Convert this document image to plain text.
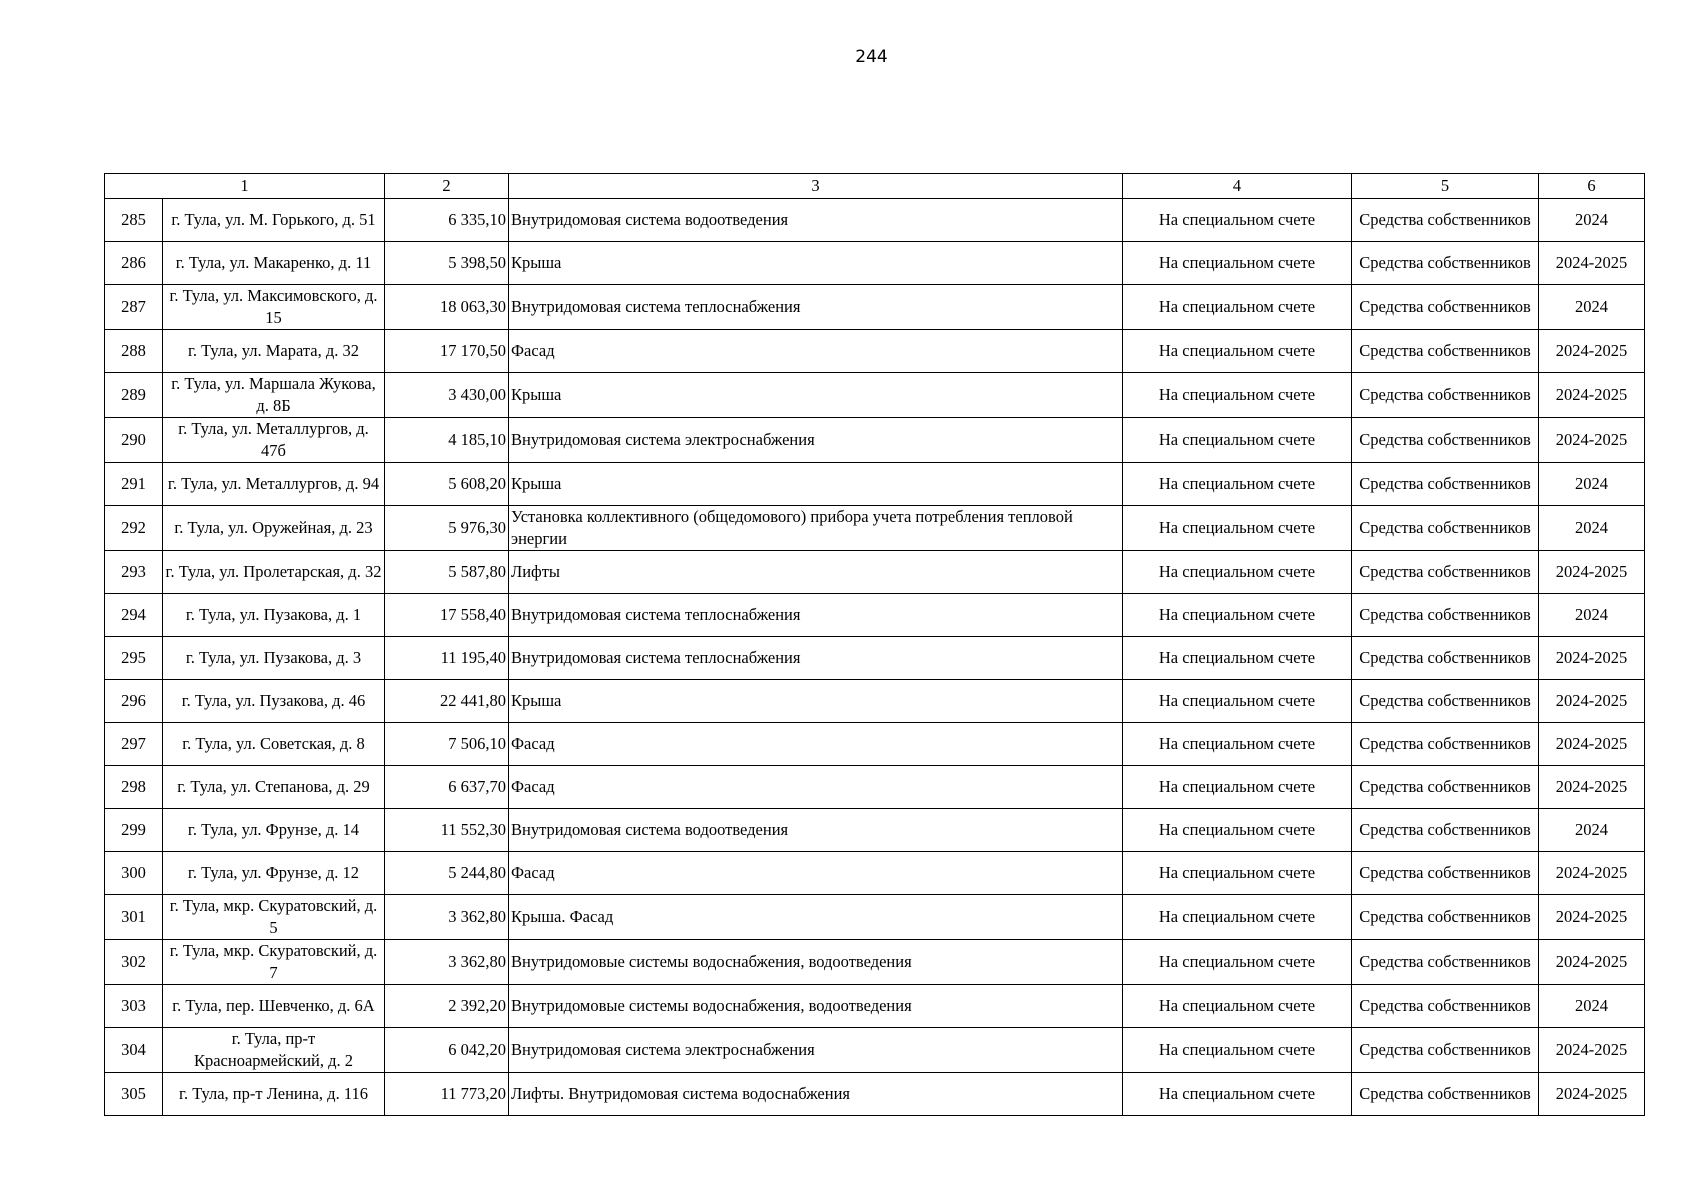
244
1		2	3	4	5	6
285	г. Тула, ул. М. Горького, д. 51	6 335,10	Внутридомовая система водоотведения	На специальном счете	Средства собственников	2024
286	г. Тула, ул. Макаренко, д. 11	5 398,50	Крыша	На специальном счете	Средства собственников	2024-2025
287	г. Тула, ул. Максимовского, д. 15	18 063,30	Внутридомовая система теплоснабжения	На специальном счете	Средства собственников	2024
288	г. Тула, ул. Марата, д. 32	17 170,50	Фасад	На специальном счете	Средства собственников	2024-2025
289	г. Тула, ул. Маршала Жукова, д. 8Б	3 430,00	Крыша	На специальном счете	Средства собственников	2024-2025
290	г. Тула, ул. Металлургов, д. 47б	4 185,10	Внутридомовая система электроснабжения	На специальном счете	Средства собственников	2024-2025
291	г. Тула, ул. Металлургов, д. 94	5 608,20	Крыша	На специальном счете	Средства собственников	2024
292	г. Тула, ул. Оружейная, д. 23	5 976,30	Установка коллективного (общедомового) прибора учета потребления тепловой энергии	На специальном счете	Средства собственников	2024
293	г. Тула, ул. Пролетарская, д. 32	5 587,80	Лифты	На специальном счете	Средства собственников	2024-2025
294	г. Тула, ул. Пузакова, д. 1	17 558,40	Внутридомовая система теплоснабжения	На специальном счете	Средства собственников	2024
295	г. Тула, ул. Пузакова, д. 3	11 195,40	Внутридомовая система теплоснабжения	На специальном счете	Средства собственников	2024-2025
296	г. Тула, ул. Пузакова, д. 46	22 441,80	Крыша	На специальном счете	Средства собственников	2024-2025
297	г. Тула, ул. Советская, д. 8	7 506,10	Фасад	На специальном счете	Средства собственников	2024-2025
298	г. Тула, ул. Степанова, д. 29	6 637,70	Фасад	На специальном счете	Средства собственников	2024-2025
299	г. Тула, ул. Фрунзе, д. 14	11 552,30	Внутридомовая система водоотведения	На специальном счете	Средства собственников	2024
300	г. Тула, ул. Фрунзе, д. 12	5 244,80	Фасад	На специальном счете	Средства собственников	2024-2025
301	г. Тула, мкр. Скуратовский, д. 5	3 362,80	Крыша. Фасад	На специальном счете	Средства собственников	2024-2025
302	г. Тула, мкр. Скуратовский, д. 7	3 362,80	Внутридомовые системы водоснабжения, водоотведения	На специальном счете	Средства собственников	2024-2025
303	г. Тула, пер. Шевченко, д. 6А	2 392,20	Внутридомовые системы водоснабжения, водоотведения	На специальном счете	Средства собственников	2024
304	г. Тула, пр-т Красноармейский, д. 2	6 042,20	Внутридомовая система электроснабжения	На специальном счете	Средства собственников	2024-2025
305	г. Тула, пр-т Ленина, д. 116	11 773,20	Лифты. Внутридомовая система водоснабжения	На специальном счете	Средства собственников	2024-2025
